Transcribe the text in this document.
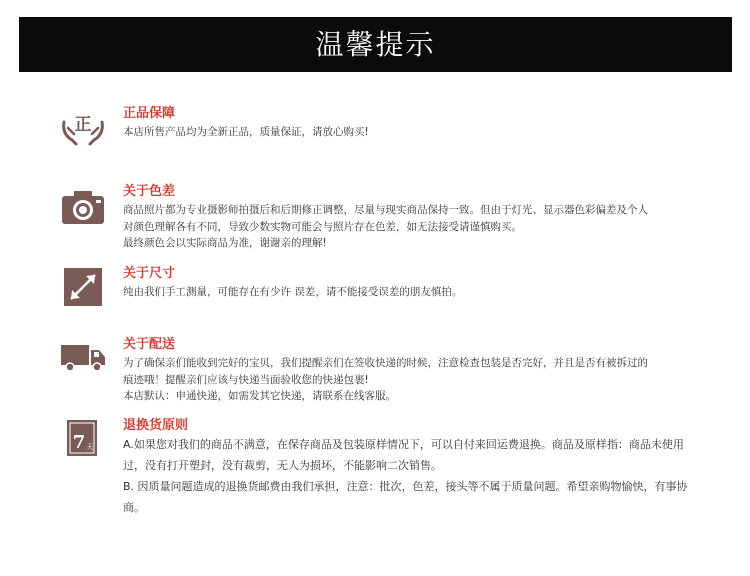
温馨提示
正

正品保障

本店所售产品均为全新正品，质量保证，请放心购买!

关于色差

商品照片都为专业摄影师拍摄后和后期修正调整，尽量与现实商品保持一致。但由于灯光、显示器色彩偏差及个人

对颜色理解各有不同，导致少数实物可能会与照片存在色差，如无法接受请谨慎购买。

最终颜色会以实际商品为准，谢谢亲的理解!

关于尺寸

纯由我们手工测量，可能存在有少许 误差，请不能接受误差的朋友慎拍。

关于配送

为了确保亲们能收到完好的宝贝，我们提醒亲们在签收快递的时候，注意检查包装是否完好，并且是否有被拆过的

痕迹哦！提醒亲们应该与快递当面验收您的快递包裹!

本店默认：申通快递，如需发其它快递，请联系在线客服。

7 天

退换货原则

A.如果您对我们的商品不满意，在保存商品及包装原样情况下，可以自付来回运费退换。商品及原样指：商品未使用

过，没有打开塑封，没有裁剪，无人为损坏，不能影响二次销售。

B. 因质量问题造成的退换货邮费由我们承担，注意：批次，色差，接头等不属于质量问题。希望亲购物愉快，有事协

商。
